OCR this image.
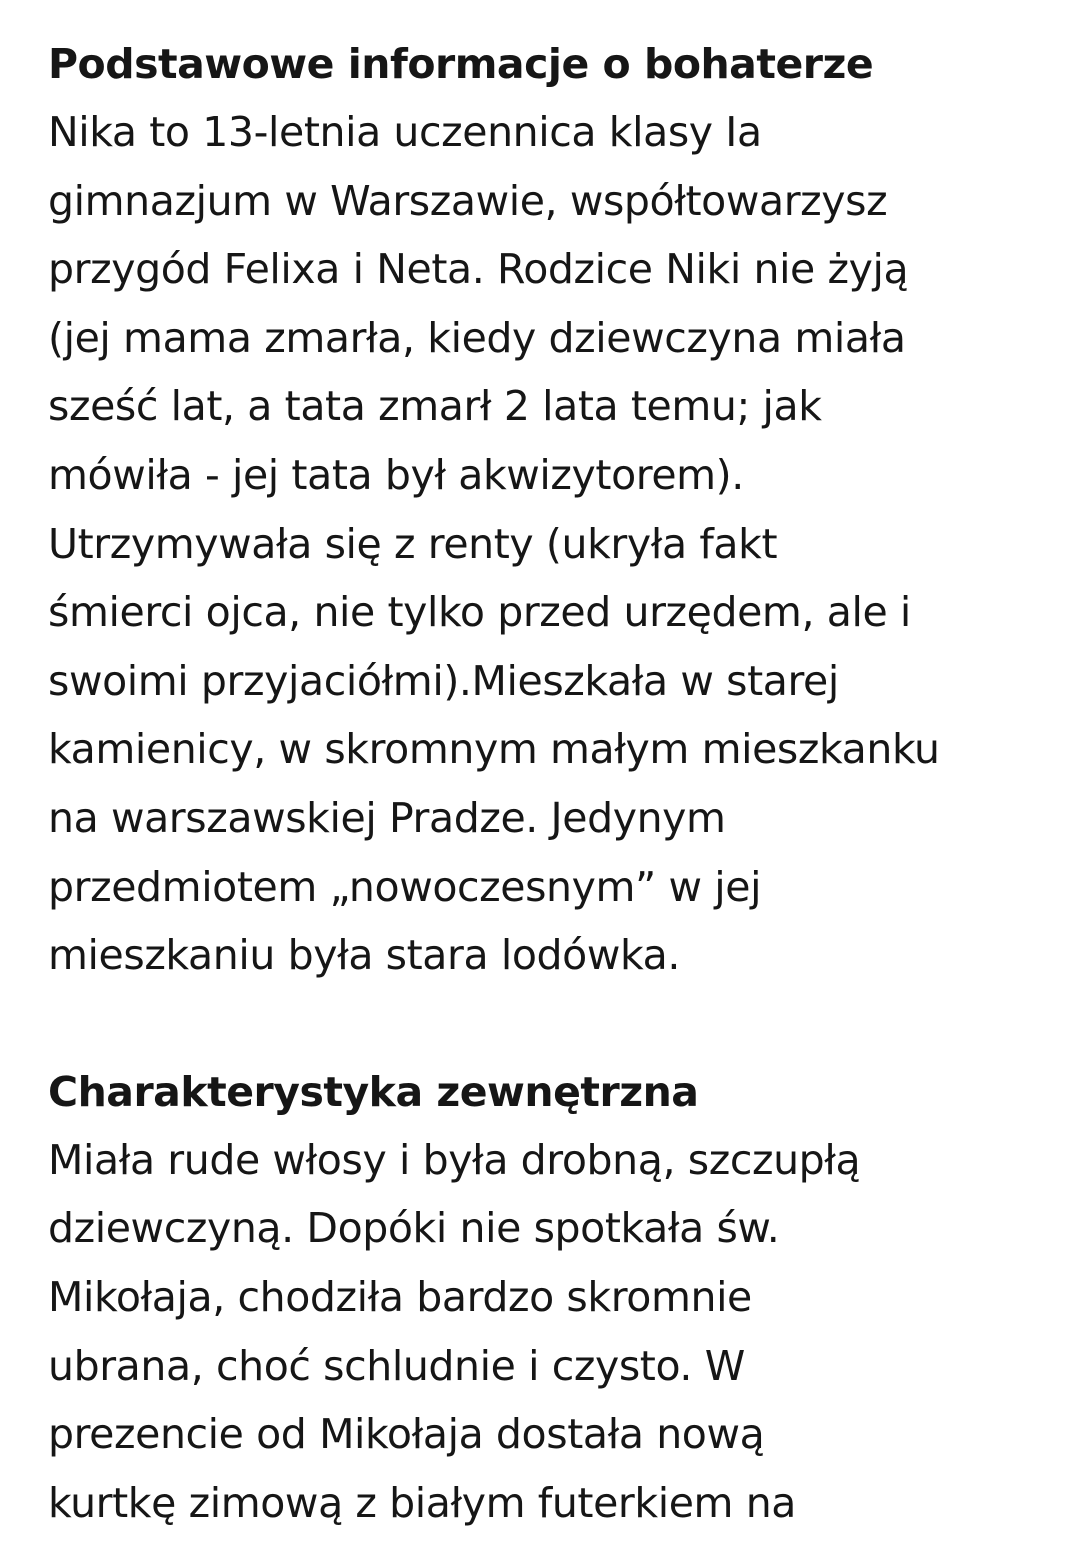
Podstawowe informacje o bohaterze
Nika to 13-letnia uczennica klasy Ia
gimnazjum w Warszawie, współtowarzysz
przygód Felixa i Neta. Rodzice Niki nie żyją
(jej mama zmarła, kiedy dziewczyna miała
sześć lat, a tata zmarł 2 lata temu; jak
mówiła - jej tata był akwizytorem).
Utrzymywała się z renty (ukryła fakt
śmierci ojca, nie tylko przed urzędem, ale i
swoimi przyjaciółmi).Mieszkała w starej
kamienicy, w skromnym małym mieszkanku
na warszawskiej Pradze. Jedynym
przedmiotem „nowoczesnym” w jej
mieszkaniu była stara lodówka.
Charakterystyka zewnętrzna
Miała rude włosy i była drobną, szczupłą
dziewczyną. Dopóki nie spotkała św.
Mikołaja, chodziła bardzo skromnie
ubrana, choć schludnie i czysto. W
prezencie od Mikołaja dostała nową
kurtkę zimową z białym futerkiem na
